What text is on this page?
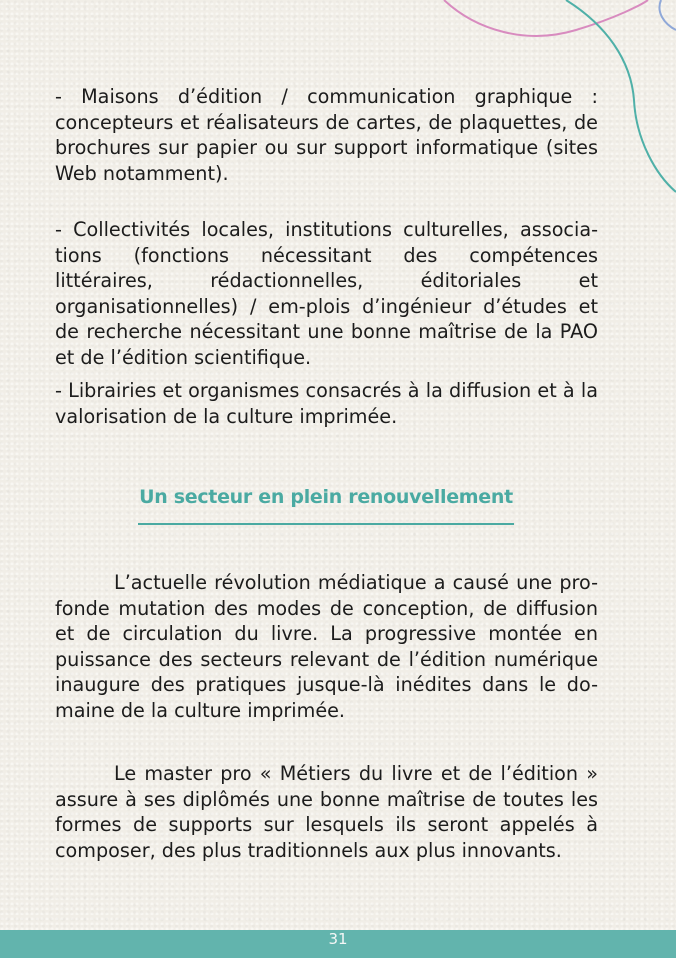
- Maisons d’édition / communication graphique : concepteurs et réalisateurs de cartes, de plaquettes, de brochures sur papier ou sur support informatique (sites Web notamment).

- Collectivités locales, institutions culturelles, associa-tions (fonctions nécessitant des compétences littéraires, rédactionnelles, éditoriales et organisationnelles) / em-plois d’ingénieur d’études et de recherche nécessitant une bonne maîtrise de la PAO et de l’édition scientifique.

- Librairies et organismes consacrés à la diffusion et à la valorisation de la culture imprimée.

Un secteur en plein renouvellement

L’actuelle révolution médiatique a causé une pro-fonde mutation des modes de conception, de diffusion et de circulation du livre. La progressive montée en puissance des secteurs relevant de l’édition numérique inaugure des pratiques jusque-là inédites dans le do-maine de la culture imprimée.

Le master pro « Métiers du livre et de l’édition » assure à ses diplômés une bonne maîtrise de toutes les formes de supports sur lesquels ils seront appelés à composer, des plus traditionnels aux plus innovants.

31
